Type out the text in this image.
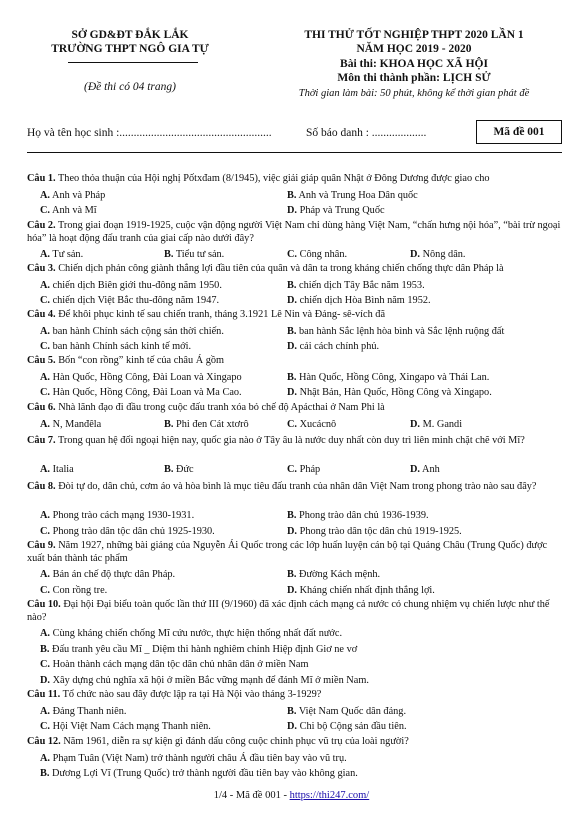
SỞ GD&ĐT ĐẮK LẮK
TRƯỜNG THPT NGÔ GIA TỰ
(Đề thi có 04 trang)
THI THỬ TỐT NGHIỆP THPT 2020 LẦN 1
NĂM HỌC 2019 - 2020
Bài thi: KHOA HỌC XÃ HỘI
Môn thi thành phần: LỊCH SỬ
Thời gian làm bài: 50 phút, không kể thời gian phát đề
Họ và tên học sinh :.....................................................	Số báo danh : ...................	Mã đề 001
Câu 1. Theo thỏa thuận của Hội nghị Pốtxđam (8/1945), việc giải giáp quân Nhật ở Đông Dương được giao cho
A. Anh và Pháp	B. Anh và Trung Hoa Dân quốc
C. Anh và Mĩ	D. Pháp và Trung Quốc
Câu 2. Trong giai đoạn 1919-1925, cuộc vận động người Việt Nam chỉ dùng hàng Việt Nam, “chấn hưng nội hóa”, “bài trừ ngoại hóa” là hoạt động đấu tranh của giai cấp nào dưới đây?
A. Tư sản.	B. Tiểu tư sản.	C. Công nhân.	D. Nông dân.
Câu 3. Chiến dịch phản công giành thắng lợi đầu tiên của quân và dân ta trong kháng chiến chống thực dân Pháp là
A. chiến dịch Biên giới thu-đông năm 1950.	B. chiến dịch Tây Bắc năm 1953.
C. chiến dịch Việt Bắc thu-đông năm 1947.	D. chiến dịch Hòa Bình năm 1952.
Câu 4. Để khôi phục kinh tế sau chiến tranh, tháng 3.1921 Lê Nin và Đảng- sê-vích đã
A. ban hành Chính sách cộng sản thời chiến.	B. ban hành Sắc lệnh hòa bình và Sắc lệnh ruộng đất
C. ban hành Chính sách kinh tế mới.	D. cải cách chính phủ.
Câu 5. Bốn “con rồng” kinh tế của châu Á gồm
A. Hàn Quốc, Hồng Công, Đài Loan và Xingapo	B. Hàn Quốc, Hồng Công, Xingapo và Thái Lan.
C. Hàn Quốc, Hồng Công, Đài Loan và Ma Cao.	D. Nhật Bản, Hàn Quốc, Hồng Công và Xingapo.
Câu 6. Nhà lãnh đạo đi đầu trong cuộc đấu tranh xóa bỏ chế độ Apácthai ở Nam Phi là
A. N, Manđêla	B. Phi đen Cát xtơrô	C. Xucácnô	D. M. Gandi
Câu 7. Trong quan hệ đối ngoại hiện nay, quốc gia nào ở Tây âu là nước duy nhất còn duy trì liên minh chặt chẽ với Mĩ?
A. Italia	B. Đức	C. Pháp	D. Anh
Câu 8. Đòi tự do, dân chủ, cơm áo và hòa bình là mục tiêu đấu tranh của nhân dân Việt Nam trong phong trào nào sau đây?
A. Phong trào cách mạng 1930-1931.	B. Phong trào dân chủ 1936-1939.
C. Phong trào dân tộc dân chủ 1925-1930.	D. Phong trào dân tộc dân chủ 1919-1925.
Câu 9. Năm 1927, những bài giảng của Nguyễn Ái Quốc trong các lớp huấn luyện cán bộ tại Quảng Châu (Trung Quốc) được xuất bản thành tác phẩm
A. Bản án chế độ thực dân Pháp.	B. Đường Kách mệnh.
C. Con rồng tre.	D. Kháng chiến nhất định thắng lợi.
Câu 10. Đại hội Đại biểu toàn quốc lần thứ III (9/1960) đã xác định cách mạng cả nước có chung nhiệm vụ chiến lược như thế nào?
A. Cùng kháng chiến chống Mĩ cứu nước, thực hiện thống nhất đất nước.
B. Đấu tranh yêu cầu Mĩ _ Diệm thi hành nghiêm chỉnh Hiệp định Giơ ne vơ
C. Hoàn thành cách mạng dân tộc dân chủ nhân dân ở miền Nam
D. Xây dựng chủ nghĩa xã hội ở miền Bắc vững mạnh để đánh Mĩ ở miền Nam.
Câu 11. Tổ chức nào sau đây được lập ra tại Hà Nội vào tháng 3-1929?
A. Đảng Thanh niên.	B. Việt Nam Quốc dân đảng.
C. Hội Việt Nam Cách mạng Thanh niên.	D. Chi bộ Cộng sản đầu tiên.
Câu 12. Năm 1961, diễn ra sự kiện gì đánh dấu công cuộc chinh phục vũ trụ của loài người?
A. Phạm Tuân (Việt Nam) trở thành người châu Á đầu tiên bay vào vũ trụ.
B. Dương Lợi Vĩ (Trung Quốc) trở thành người đầu tiên bay vào không gian.
1/4 - Mã đề 001 - https://thi247.com/
